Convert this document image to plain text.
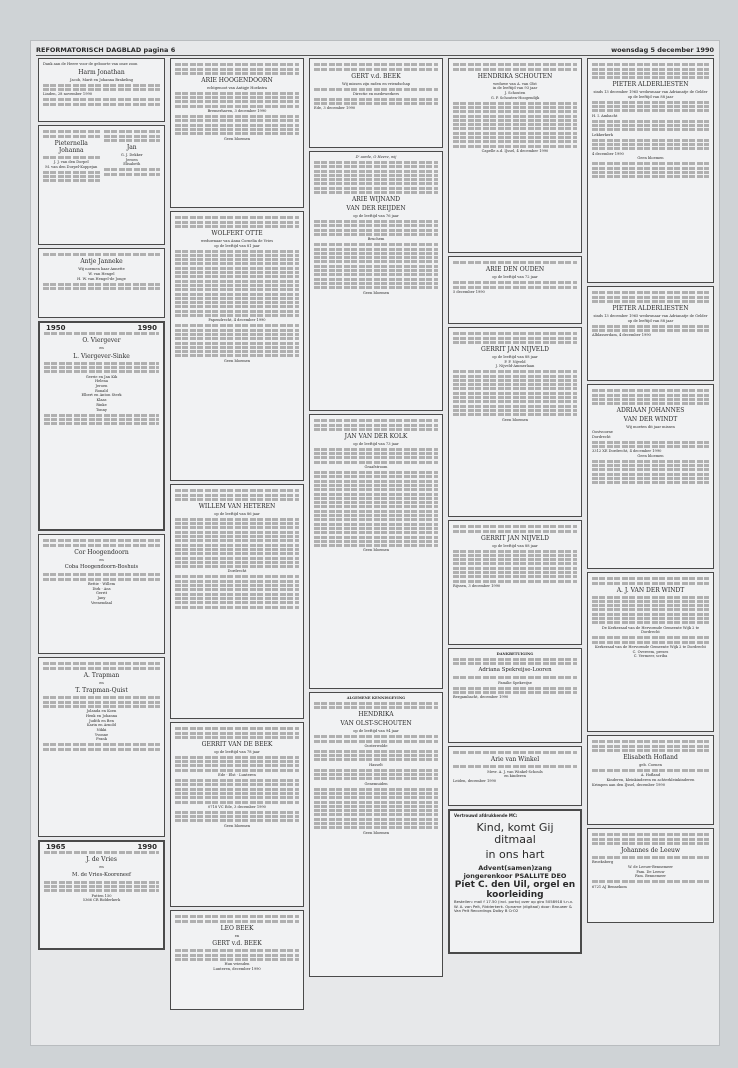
REFORMATORISCH DAGBLAD pagina 6	woensdag 5 december 1990
Dank aan de Heere voor de geboorte van onze zoon
Harm Jonathan
Jacob, Marit en Johanna Brakeling
Linden, 28 november 1990
Pieternella Johanna
J. J. van den Dorpel
M. van den Dorpel-Koppejan
Jan
G. J. Dekker
Jeroen
Elisabeth
Antje Janneke
Wij noemen haar Annette
W. van Hengel
H. W. van Hengel-de Jonge
1950	1990
O. Viergever
en
L. Viergever-Sinke
Gerrie en Jan Kik
Helena
Jeroen
Ronald
Elbert en Anton Sterk
Klaas
Rinke
Tonny
Cor Hoogendoorn
en
Coba Hoogendoorn-Boshuis
Bettie · Willem
Dirk · Ans
Gerrit
Jany
Veenendaal
A. Trapman
en
T. Trapman-Quist
Jolanda en Koen
Henk en Johanna
Judith en Ben
Karin en Arnold
Nikki
Yvonne
Frank
1965	1990
J. de Vries
en
M. de Vries-Kooreneef
Putten 150
5366 CR Ridderkerk
ARIE HOOGENDOORN
echtgenoot van Antigje Hoekstra
Bremerhaven, 3 december 1990
Geen bloemen
WOLFERT OTTE
weduwnaar van Anna Cornelia de Vries
op de leeftijd van 81 jaar
Papendrecht, 4 december 1990
Geen bloemen
WILLEM VAN HETEREN
op de leeftijd van 86 jaar
Dordrecht
GERRIT VAN DE BEEK
op de leeftijd van 78 jaar
Ede · Elst · Lunteren
0718 VC Ede, 3 december 1990
Geen bloemen
LEO BEEK
en
GERT v.d. BEEK
Hun vrienden
Lunteren, december 1990
GERT v.d. BEEK
Wij missen zijn raden en vriendschap
Directie en medewerkers
Ede, 3 december 1990
D' aarde, O Heere, wij
ARIE WIJNAND
VAN DER REIJDEN
op de leeftijd van 76 jaar
Bruchem
Geen bloemen
JAN VAN DER KOLK
op de leeftijd van 73 jaar
Graafstroom
Geen bloemen
ALGEMENE KENNISGEVING
HENDRIKA
VAN OLST-SCHOUTEN
op de leeftijd van 94 jaar
Oosterwolde
Hasselt
Genemuiden
Geen bloemen
HENDRIKA SCHOUTEN
weduwe van A. van Olst
in de leeftijd van 93 jaar
J. Schouten
G. P. Schouten-Hoogendijk
Capelle a.d. IJssel, 4 december 1990
ARIE DEN OUDEN
op de leeftijd van 72 jaar
5 december 1990
GERRIT JAN NIJVELD
op de leeftijd van 88 jaar
P. F. Nijveld
J. Nijveld-Ammerlaan
Geen bloemen
GERRIT JAN NIJVELD
op de leeftijd van 88 jaar
Rijssen, 3 december 1990
DANKBETUIGING
Adriana Spekreijse-Looren
Familie Spekreijse
Bergambacht, december 1990
Arie van Winkel
Mevr. A. J. van Winkel-Schouls
en kinderen
Leiden, december 1990
Vertrouwd afdrukkende MC:
Kind, komt Gij ditmaal
in ons hart
Advent(samen)zang
jongerenkoor PSALLITE DEO
Piet C. den Uil, orgel en koorleiding
Bestellen: mail f 17.50 (incl. porto) over op giro 5058918 t.n.v. W. A. van Pelt, Ridderkerk. Opname (digitaal) door: Brouwer & Van Pelt Recordings Dolby B CrO2
PIETER ALDERLIESTEN
sinds 13 december 1965 weduwnaar van Adrianatje de Gelder
op de leeftijd van 88 jaar
H. I. Ambacht
Lekkerkerk
4 december 1990
Geen bloemen
PIETER ALDERLIESTEN
sinds 13 december 1965 weduwnaar van Adrianatje de Gelder
op de leeftijd van 88 jaar
Alblasserdam, 4 december 1990
ADRIAAN JOHANNES
VAN DER WINDT
Wij moeten dit jaar missen
Oostvoorne
Dordrecht
3312 XE Dordrecht, 4 december 1990
Geen bloemen
A. J. VAN DER WINDT
De Kerkeraad van de Hervormde Gemeente Wijk 2 te Dordrecht
Kerkeraad van de Hervormde Gemeente Wijk 2 te Dordrecht
C. Overeem, preses
C. Vermeer, scriba
Elisabeth Hofland
geb. Coenen
A. Hofland
Kinderen, kleinkinderen en achterkleinkinderen
Krimpen aan den IJssel, december 1990
Johannes de Leeuw
Broeksberg
W. de Leeuw-Bennemeer
Fam. De Leeuw
Fam. Bennemeer
6721 AJ Bennekom
